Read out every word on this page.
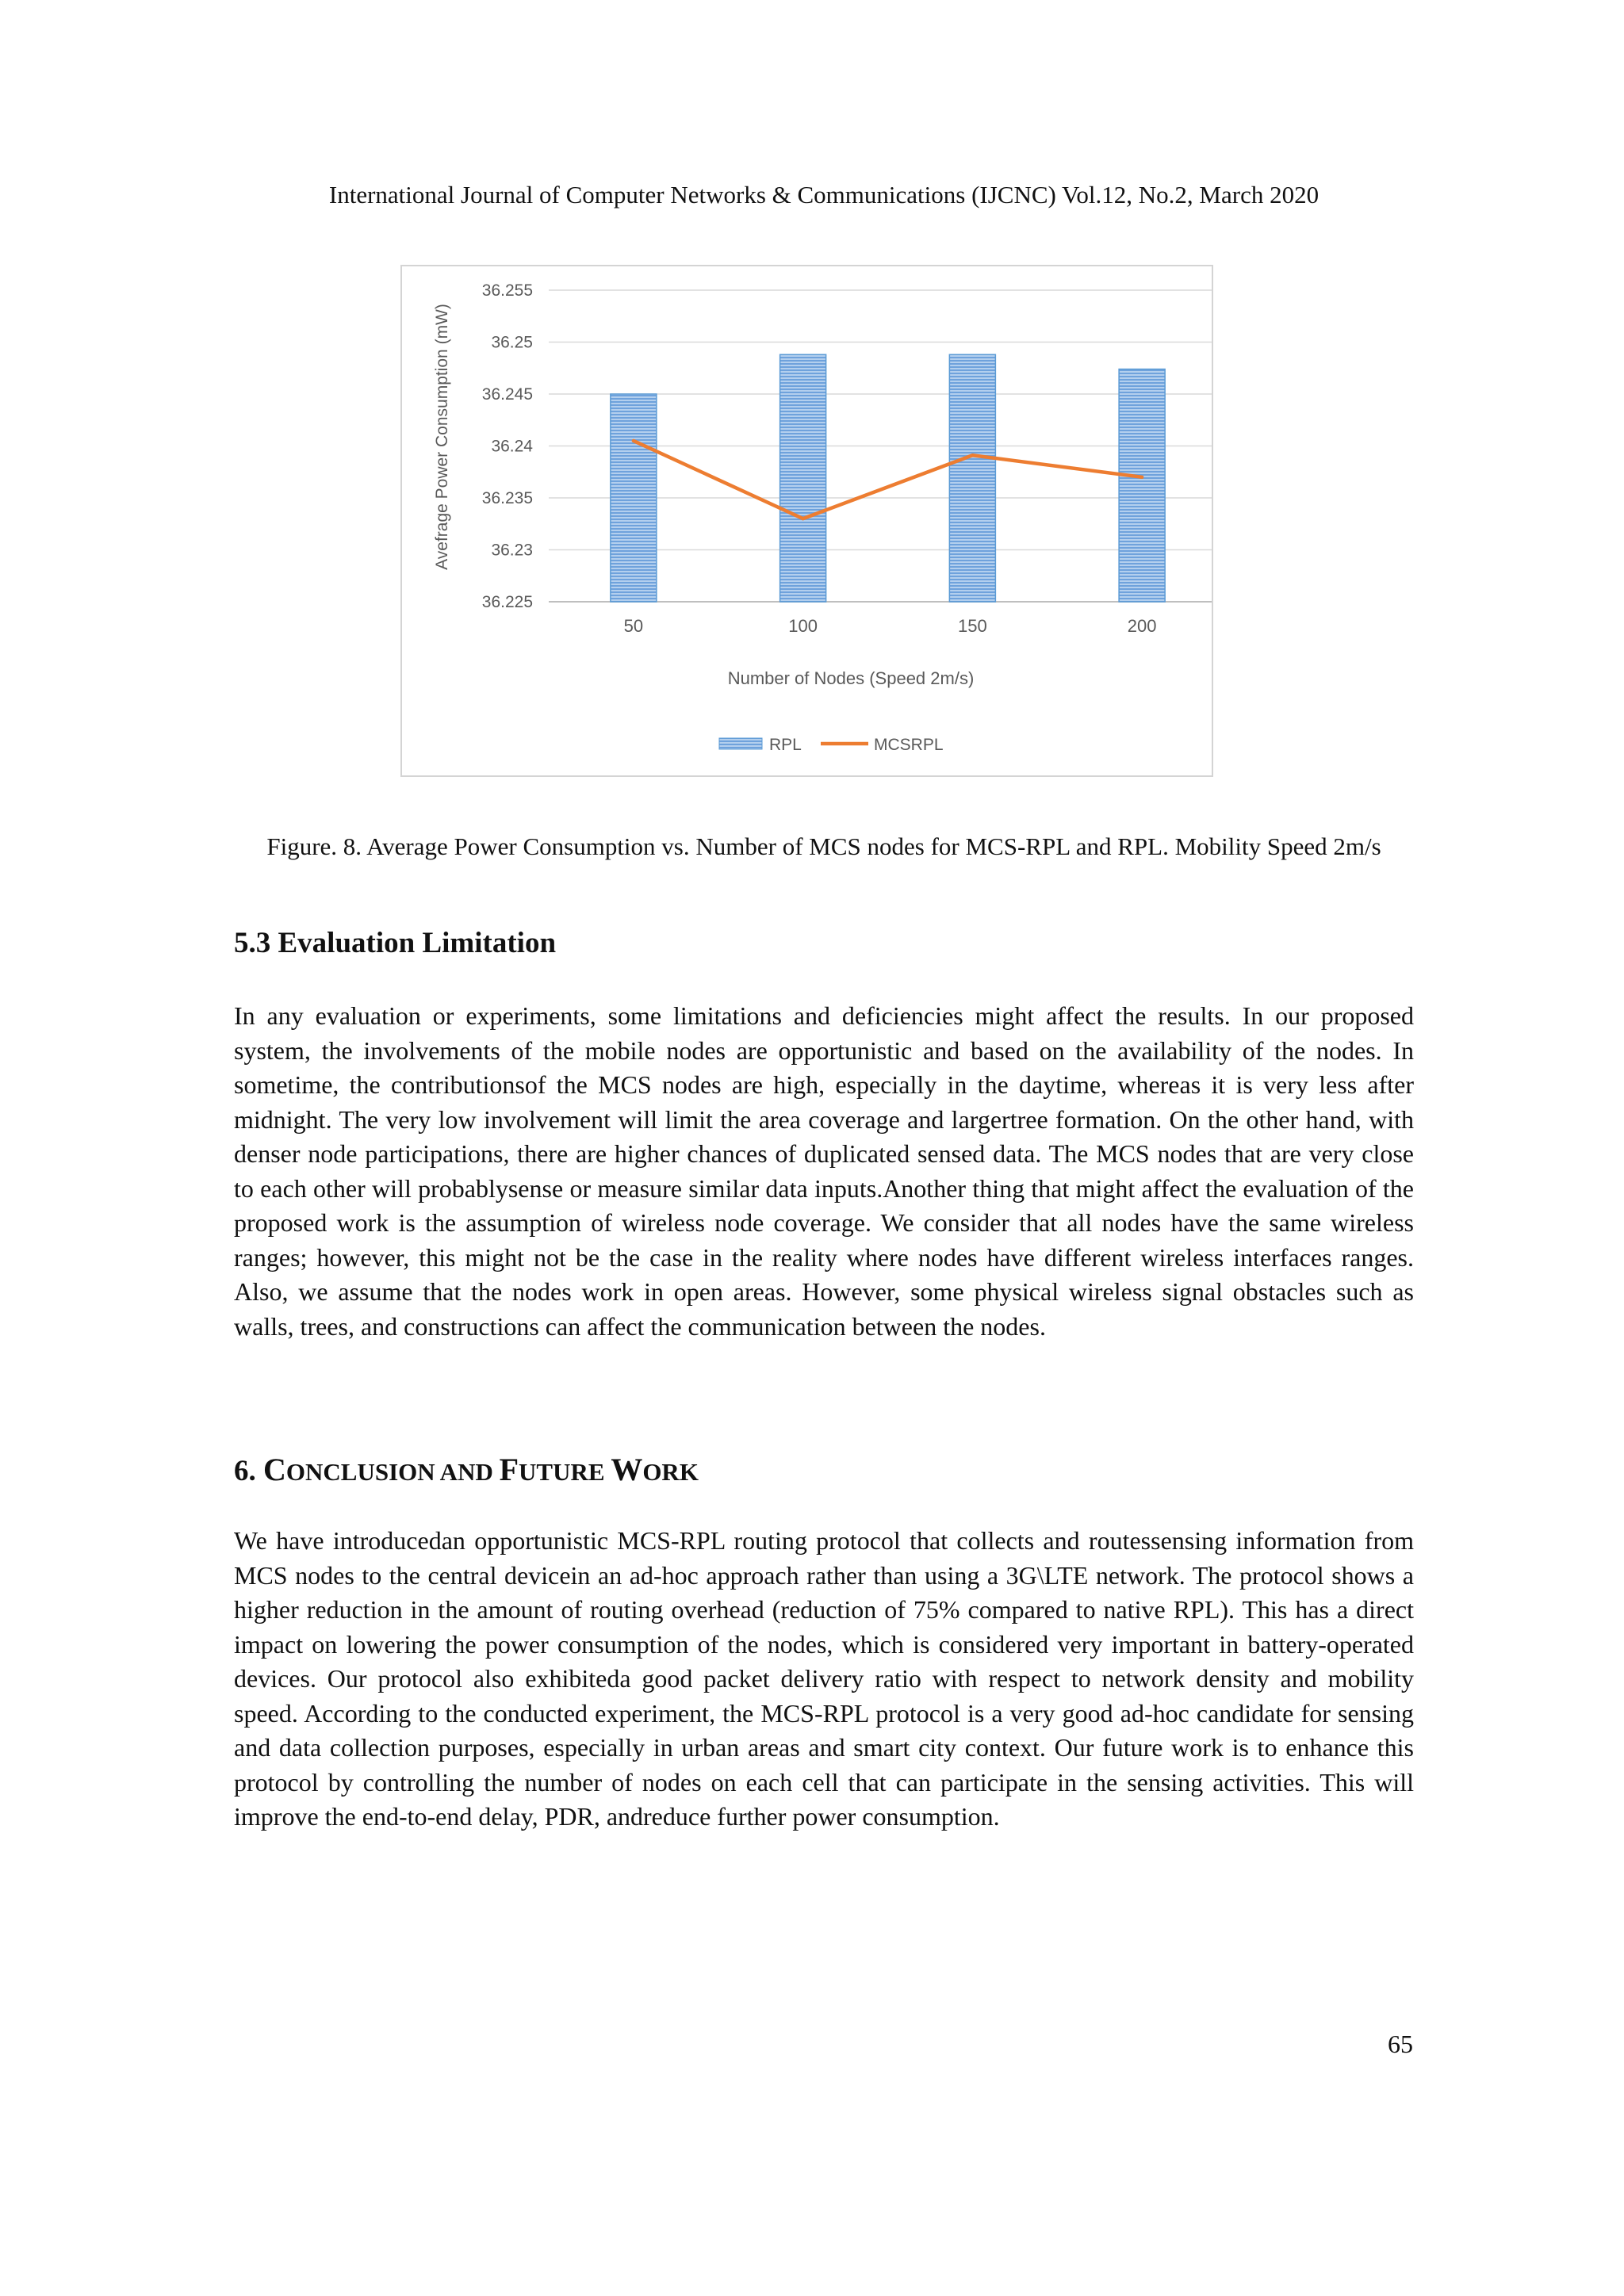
International Journal of Computer Networks & Communications (IJCNC) Vol.12, No.2, March 2020
36.255
36.25
36.245
36.24
36.235
36.23
36.225
50	100	150	200
Avefrage Power Consumption (mW)
Number of Nodes (Speed 2m/s)
RPL	MCSRPL
Figure. 8. Average Power Consumption vs. Number of MCS nodes for MCS-RPL and RPL. Mobility Speed 2m/s
5.3 Evaluation Limitation

In any evaluation or experiments, some limitations and deficiencies might affect the results. In our proposed system, the involvements of the mobile nodes are opportunistic and based on the availability of the nodes. In sometime, the contributionsof the MCS nodes are high, especially in the daytime, whereas it is very less after midnight. The very low involvement will limit the area coverage and largertree formation. On the other hand, with denser node participations, there are higher chances of duplicated sensed data. The MCS nodes that are very close to each other will probablysense or measure similar data inputs.Another thing that might affect the evaluation of the proposed work is the assumption of wireless node coverage. We consider that all nodes have the same wireless ranges; however, this might not be the case in the reality where nodes have different wireless interfaces ranges. Also, we assume that the nodes work in open areas. However, some physical wireless signal obstacles such as walls, trees, and constructions can affect the communication between the nodes.

6. CONCLUSION AND FUTURE WORK

We have introducedan opportunistic MCS-RPL routing protocol that collects and routessensing information from MCS nodes to the central devicein an ad-hoc approach rather than using a 3G\LTE network. The protocol shows a higher reduction in the amount of routing overhead (reduction of 75% compared to native RPL). This has a direct impact on lowering the power consumption of the nodes, which is considered very important in battery-operated devices. Our protocol also exhibiteda good packet delivery ratio with respect to network density and mobility speed. According to the conducted experiment, the MCS-RPL protocol is a very good ad-hoc candidate for sensing and data collection purposes, especially in urban areas and smart city context. Our future work is to enhance this protocol by controlling the number of nodes on each cell that can participate in the sensing activities. This will improve the end-to-end delay, PDR, andreduce further power consumption.

65
